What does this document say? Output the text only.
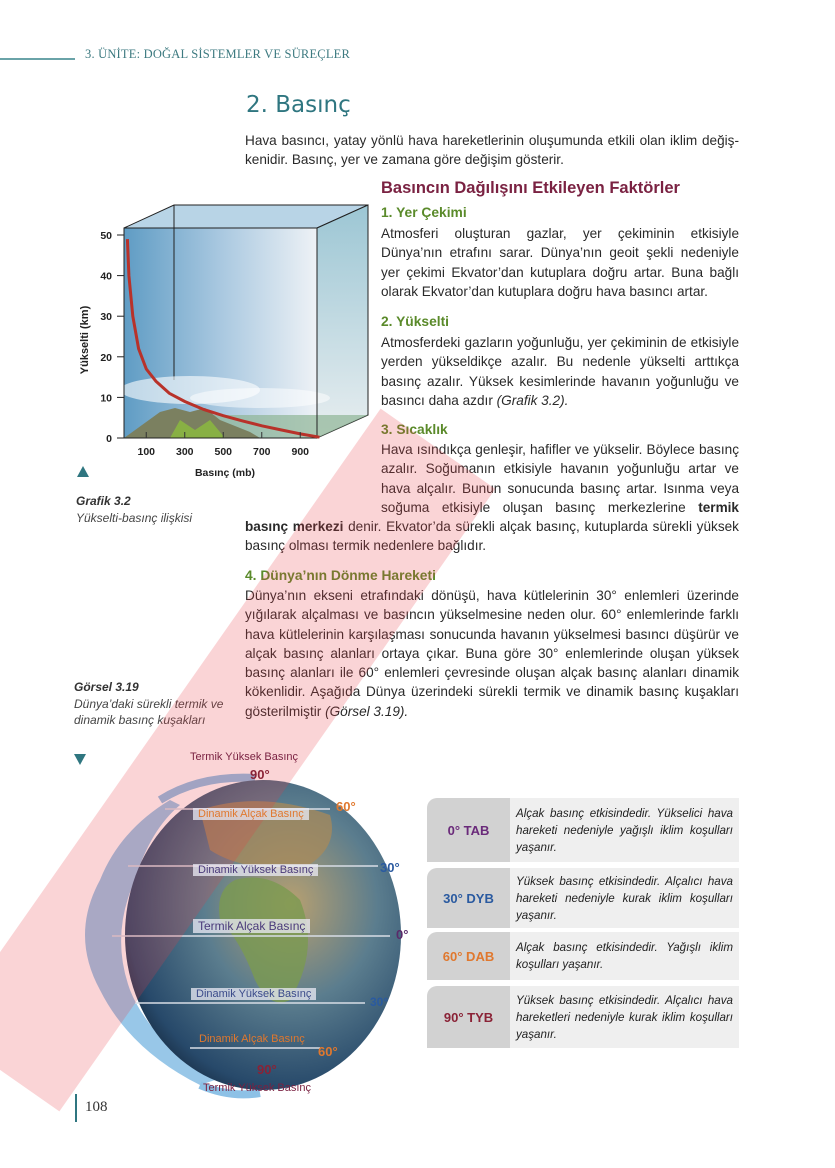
3. ÜNİTE: DOĞAL SİSTEMLER VE SÜREÇLER
2. Basınç
Hava basıncı, yatay yönlü hava hareketlerinin oluşumunda etkili olan iklim değişkenidir. Basınç, yer ve zamana göre değişim gösterir.
Basıncın Dağılışını Etkileyen Faktörler
1. Yer Çekimi
Atmosferi oluşturan gazlar, yer çekiminin etkisiyle Dünya’nın etrafını sarar. Dünya’nın geoit şekli nedeniyle yer çekimi Ekvator’dan kutuplara doğru artar. Buna bağlı olarak Ekvator’dan kutuplara doğru hava basıncı artar.
2. Yükselti
Atmosferdeki gazların yoğunluğu, yer çekiminin de etkisiyle yerden yükseldikçe azalır. Bu nedenle yükselti arttıkça basınç azalır. Yüksek kesimlerinde havanın yoğunluğu ve basıncı daha azdır (Grafik 3.2).
3. Sıcaklık
Hava ısındıkça genleşir, hafifler ve yükselir. Böylece basınç azalır. Soğumanın etkisiyle havanın yoğunluğu artar ve hava alçalır. Bunun sonucunda basınç artar. Isınma veya soğuma etkisiyle oluşan basınç merkezlerine termik basınç merkezi denir. Ekvator’da sürekli alçak basınç, kutuplarda sürekli yüksek basınç olması termik nedenlere bağlıdır.
4. Dünya’nın Dönme Hareketi
Dünya’nın ekseni etrafındaki dönüşü, hava kütlelerinin 30° enlemleri üzerinde yığılarak alçalması ve basıncın yükselmesine neden olur. 60° enlemlerinde farklı hava kütlelerinin karşılaşması sonucunda havanın yükselmesi basıncı düşürür ve alçak basınç alanları ortaya çıkar. Buna göre 30° enlemlerinde oluşan yüksek basınç alanları ile 60° enlemleri çevresinde oluşan alçak basınç alanları dinamik kökenlidir. Aşağıda Dünya üzerindeki sürekli termik ve dinamik basınç kuşakları gösterilmiştir (Görsel 3.19).
0
10
20
30
40
50
100 300 500 700 900
Yükselti (km)
Basınç (mb)
Grafik 3.2
Yükselti-basınç ilişkisi
Görsel 3.19
Dünya’daki sürekli termik ve dinamik basınç kuşakları
Termik Yüksek Basınç
90°
60°
Dinamik Alçak Basınç
30°
Dinamik Yüksek Basınç
Termik Alçak Basınç
0°
Dinamik Yüksek Basınç
30°
Dinamik Alçak Basınç
60°
90°
Termik Yüksek Basınç
0° TAB
Alçak basınç etkisindedir. Yükselici hava hareketi nedeniyle yağışlı iklim koşulları yaşanır.
30° DYB
Yüksek basınç etkisindedir. Alçalıcı hava hareketi nedeniyle kurak iklim koşulları yaşanır.
60° DAB
Alçak basınç etkisindedir. Yağışlı iklim koşulları yaşanır.
90° TYB
Yüksek basınç etkisindedir. Alçalıcı hava hareketleri nedeniyle kurak iklim koşulları yaşanır.
108
